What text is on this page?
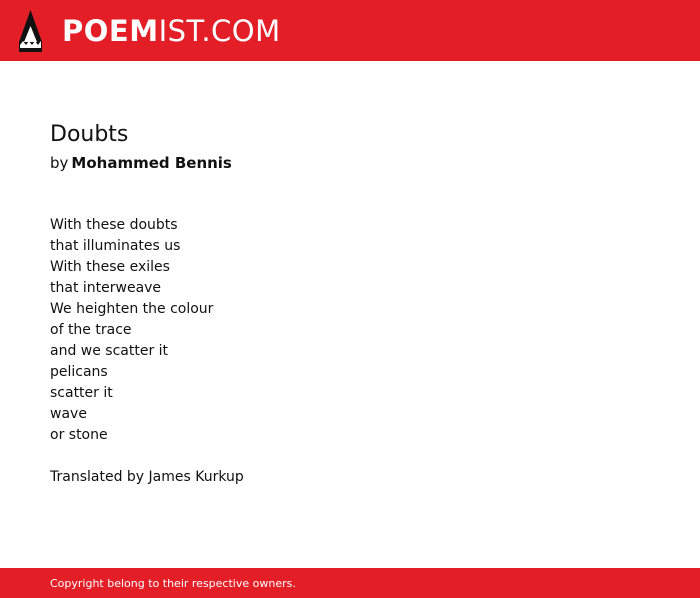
POEMIST.COM
Doubts
by Mohammed Bennis
With these doubts
that illuminates us
With these exiles
that interweave
We heighten the colour
of the trace
and we scatter it
pelicans
scatter it
wave
or stone

Translated by James Kurkup

Copyright belong to their respective owners.
